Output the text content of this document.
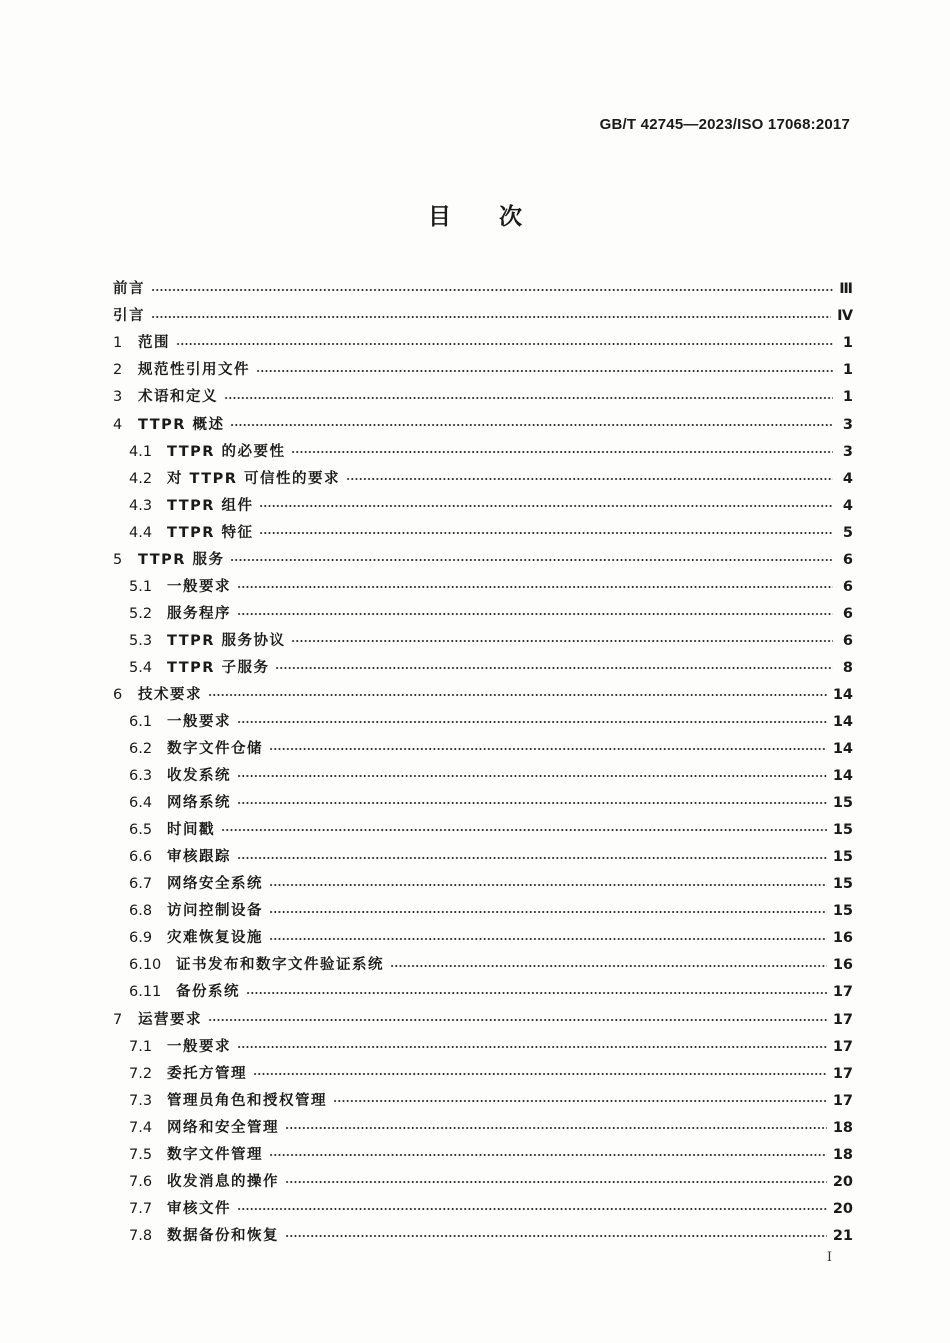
GB/T 42745—2023/ISO 17068:2017
目次
前言	Ⅲ
引言	Ⅳ
1	范围	1
2	规范性引用文件	1
3	术语和定义	1
4	TTPR 概述	3
4.1	TTPR 的必要性	3
4.2	对 TTPR 可信性的要求	4
4.3	TTPR 组件	4
4.4	TTPR 特征	5
5	TTPR 服务	6
5.1	一般要求	6
5.2	服务程序	6
5.3	TTPR 服务协议	6
5.4	TTPR 子服务	8
6	技术要求	14
6.1	一般要求	14
6.2	数字文件仓储	14
6.3	收发系统	14
6.4	网络系统	15
6.5	时间戳	15
6.6	审核跟踪	15
6.7	网络安全系统	15
6.8	访问控制设备	15
6.9	灾难恢复设施	16
6.10	证书发布和数字文件验证系统	16
6.11	备份系统	17
7	运营要求	17
7.1	一般要求	17
7.2	委托方管理	17
7.3	管理员角色和授权管理	17
7.4	网络和安全管理	18
7.5	数字文件管理	18
7.6	收发消息的操作	20
7.7	审核文件	20
7.8	数据备份和恢复	21
I
